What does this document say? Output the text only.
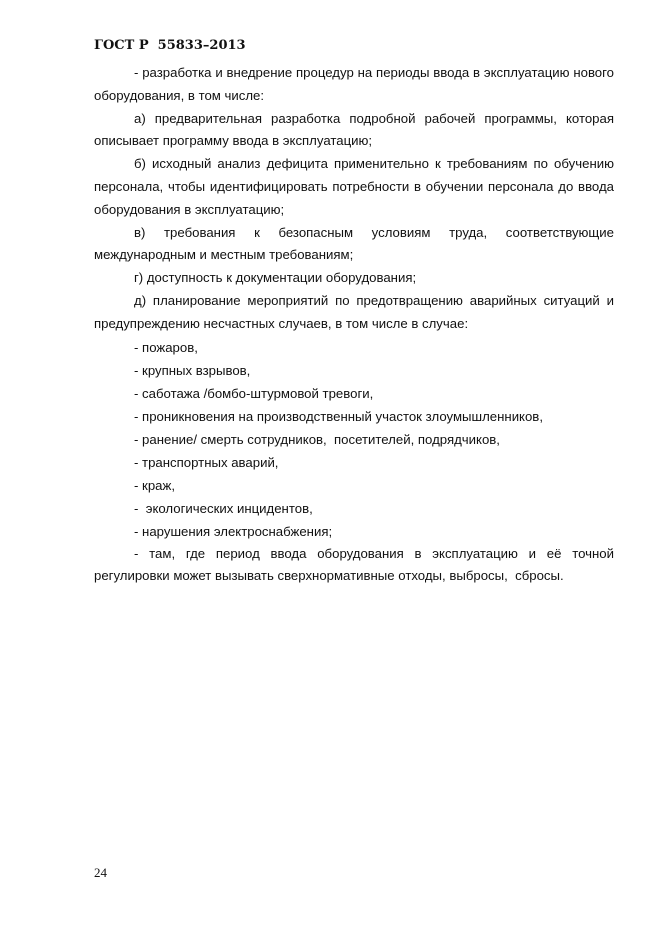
ГОСТ Р  55833–2013

- разработка и внедрение процедур на периоды ввода в эксплуатацию нового оборудования, в том числе:

а) предварительная разработка подробной рабочей программы, которая описывает программу ввода в эксплуатацию;

б) исходный анализ дефицита применительно к требованиям по обучению персонала, чтобы идентифицировать потребности в обучении персонала до ввода оборудования в эксплуатацию;

в) требования к безопасным условиям труда, соответствующие международным и местным требованиям;

г) доступность к документации оборудования;

д) планирование мероприятий по предотвращению аварийных ситуаций и предупреждению несчастных случаев, в том числе в случае:

- пожаров,

- крупных взрывов,

- саботажа /бомбо-штурмовой тревоги,

- проникновения на производственный участок злоумышленников,

- ранение/ смерть сотрудников,  посетителей, подрядчиков,

- транспортных аварий,

- краж,

-  экологических инцидентов,

- нарушения электроснабжения;

- там, где период ввода оборудования в эксплуатацию и её точной регулировки может вызывать сверхнормативные отходы, выбросы,  сбросы.

24
